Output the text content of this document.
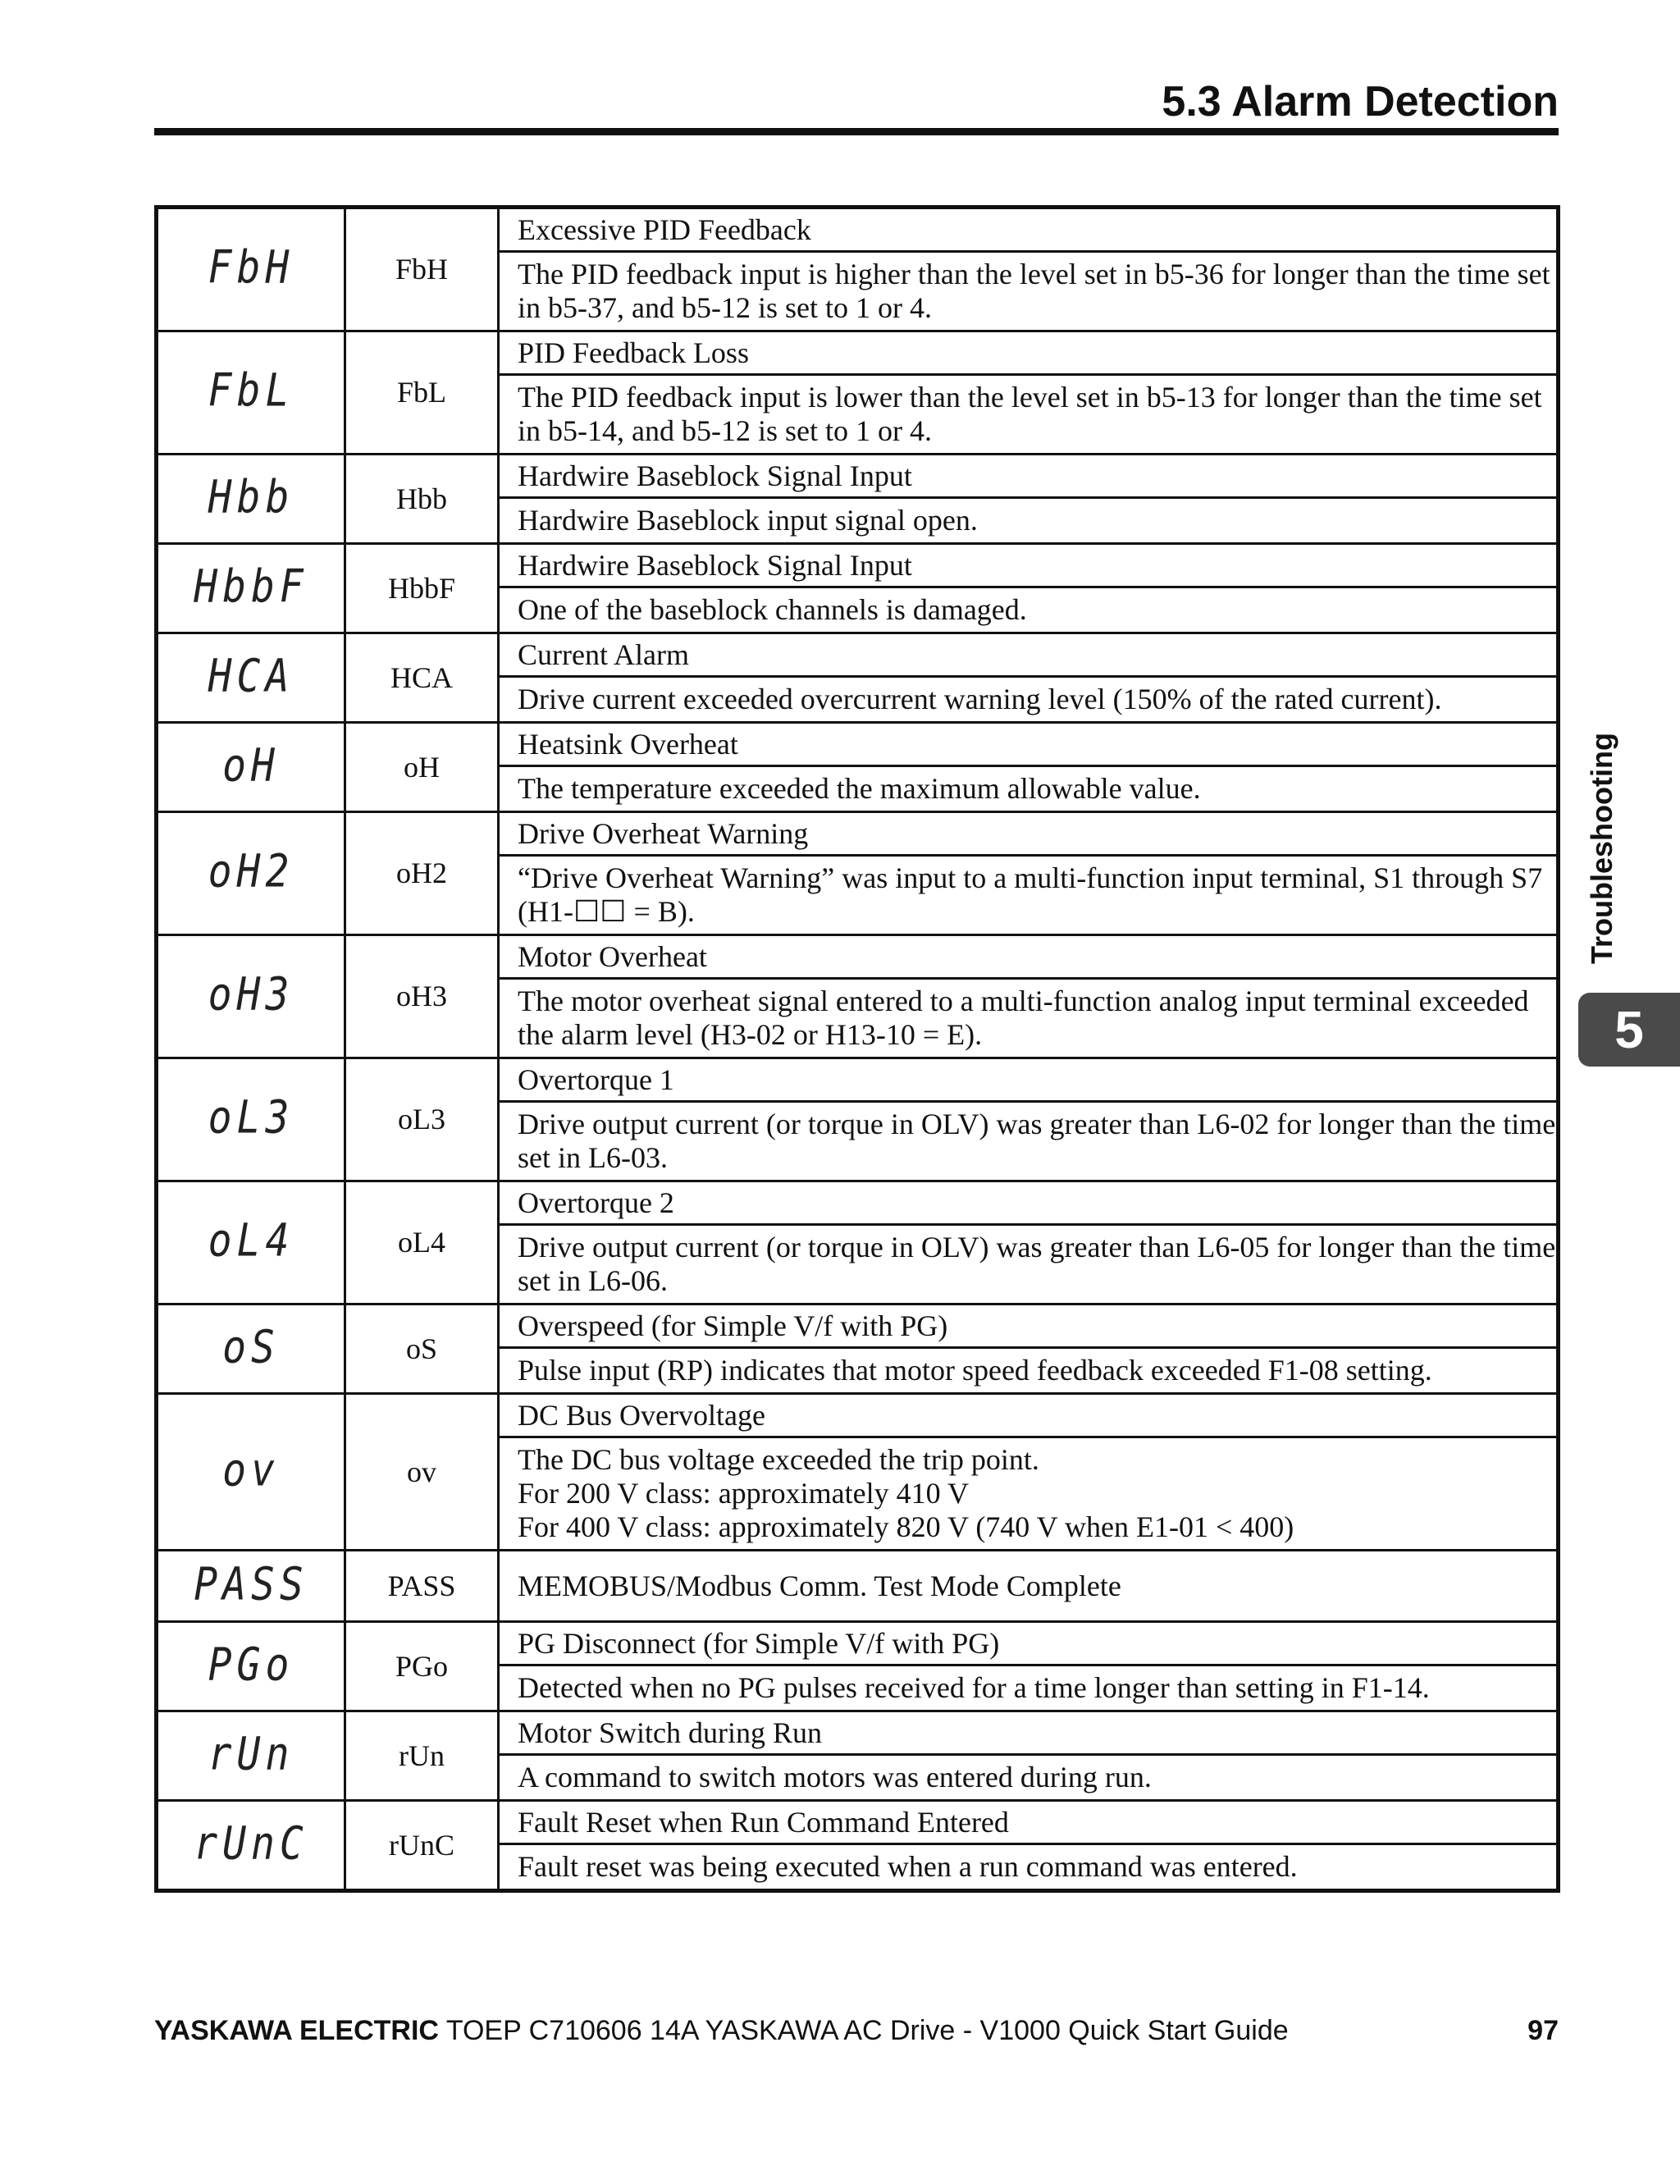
5.3 Alarm Detection
FbH	FbH	Excessive PID Feedback
		The PID feedback input is higher than the level set in b5-36 for longer than the time set in b5-37, and b5-12 is set to 1 or 4.
FbL	FbL	PID Feedback Loss
		The PID feedback input is lower than the level set in b5-13 for longer than the time set in b5-14, and b5-12 is set to 1 or 4.
Hbb	Hbb	Hardwire Baseblock Signal Input
		Hardwire Baseblock input signal open.
HbbF	HbbF	Hardwire Baseblock Signal Input
		One of the baseblock channels is damaged.
HCA	HCA	Current Alarm
		Drive current exceeded overcurrent warning level (150% of the rated current).
oH	oH	Heatsink Overheat
		The temperature exceeded the maximum allowable value.
oH2	oH2	Drive Overheat Warning
		“Drive Overheat Warning” was input to a multi-function input terminal, S1 through S7 (H1-☐☐ = B).
oH3	oH3	Motor Overheat
		The motor overheat signal entered to a multi-function analog input terminal exceeded the alarm level (H3-02 or H13-10 = E).
oL3	oL3	Overtorque 1
		Drive output current (or torque in OLV) was greater than L6-02 for longer than the time set in L6-03.
oL4	oL4	Overtorque 2
		Drive output current (or torque in OLV) was greater than L6-05 for longer than the time set in L6-06.
oS	oS	Overspeed (for Simple V/f with PG)
		Pulse input (RP) indicates that motor speed feedback exceeded F1-08 setting.
ov	ov	DC Bus Overvoltage
		The DC bus voltage exceeded the trip point.
For 200 V class: approximately 410 V
For 400 V class: approximately 820 V (740 V when E1-01 < 400)
PASS	PASS	MEMOBUS/Modbus Comm. Test Mode Complete
PGo	PGo	PG Disconnect (for Simple V/f with PG)
		Detected when no PG pulses received for a time longer than setting in F1-14.
rUn	rUn	Motor Switch during Run
		A command to switch motors was entered during run.
rUnC	rUnC	Fault Reset when Run Command Entered
		Fault reset was being executed when a run command was entered.
Troubleshooting
5
YASKAWA ELECTRIC TOEP C710606 14A YASKAWA AC Drive - V1000 Quick Start Guide	97
